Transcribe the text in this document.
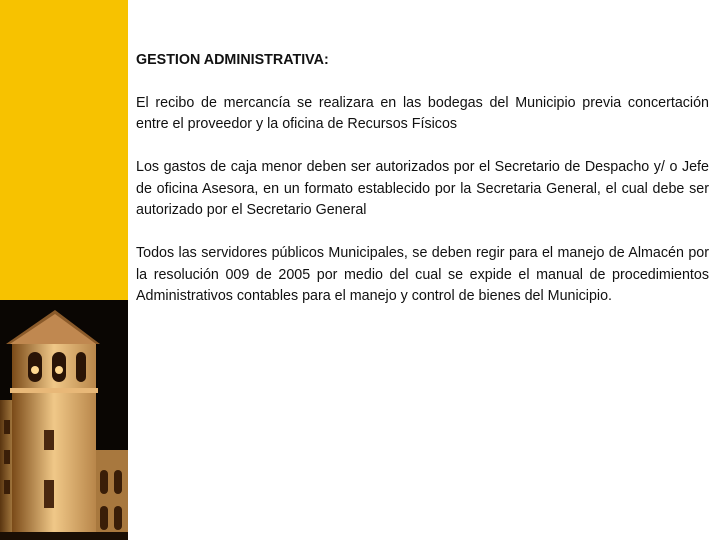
GESTION ADMINISTRATIVA:

El recibo de mercancía se realizara en las bodegas del Municipio previa concertación entre el proveedor y la oficina de Recursos Físicos

Los gastos de caja menor deben ser autorizados por el Secretario de Despacho y/ o Jefe de oficina Asesora, en un formato establecido por la Secretaria General, el cual debe ser autorizado por el Secretario General

Todos las servidores públicos Municipales, se deben regir para el manejo de Almacén por la resolución 009 de 2005 por medio del cual se expide el manual de procedimientos Administrativos contables para el manejo y control de bienes del Municipio.
